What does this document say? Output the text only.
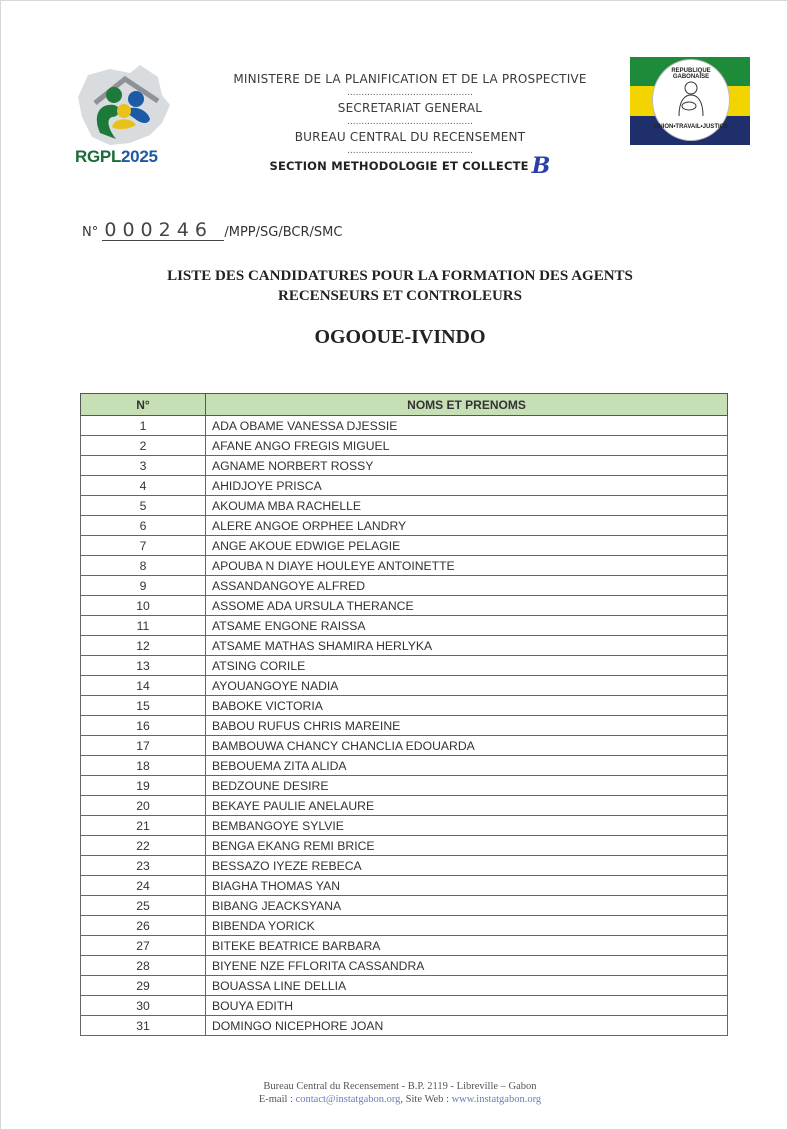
RGPL2025
MINISTERE DE LA PLANIFICATION ET DE LA PROSPECTIVE
............................................
SECRETARIAT GENERAL
............................................
BUREAU CENTRAL DU RECENSEMENT
............................................
SECTION METHODOLOGIE ET COLLECTE B
REPUBLIQUE GABONAISE
UNION•TRAVAIL•JUSTICE
N° 000246 /MPP/SG/BCR/SMC
LISTE DES CANDIDATURES POUR LA FORMATION DES AGENTS
RECENSEURS ET CONTROLEURS
OGOOUE-IVINDO
N°	NOMS ET PRENOMS
1	ADA OBAME VANESSA DJESSIE
2	AFANE ANGO FREGIS MIGUEL
3	AGNAME NORBERT ROSSY
4	AHIDJOYE PRISCA
5	AKOUMA MBA RACHELLE
6	ALERE ANGOE ORPHEE LANDRY
7	ANGE AKOUE EDWIGE PELAGIE
8	APOUBA N DIAYE HOULEYE ANTOINETTE
9	ASSANDANGOYE ALFRED
10	ASSOME ADA URSULA THERANCE
11	ATSAME ENGONE RAISSA
12	ATSAME MATHAS SHAMIRA HERLYKA
13	ATSING CORILE
14	AYOUANGOYE NADIA
15	BABOKE VICTORIA
16	BABOU RUFUS CHRIS MAREINE
17	BAMBOUWA CHANCY CHANCLIA EDOUARDA
18	BEBOUEMA ZITA ALIDA
19	BEDZOUNE DESIRE
20	BEKAYE PAULIE ANELAURE
21	BEMBANGOYE SYLVIE
22	BENGA EKANG REMI BRICE
23	BESSAZO IYEZE REBECA
24	BIAGHA THOMAS YAN
25	BIBANG JEACKSYANA
26	BIBENDA YORICK
27	BITEKE BEATRICE BARBARA
28	BIYENE NZE FFLORITA CASSANDRA
29	BOUASSA LINE DELLIA
30	BOUYA EDITH
31	DOMINGO NICEPHORE JOAN
Bureau Central du Recensement - B.P. 2119 - Libreville – Gabon
E-mail : contact@instatgabon.org, Site Web : www.instatgabon.org
